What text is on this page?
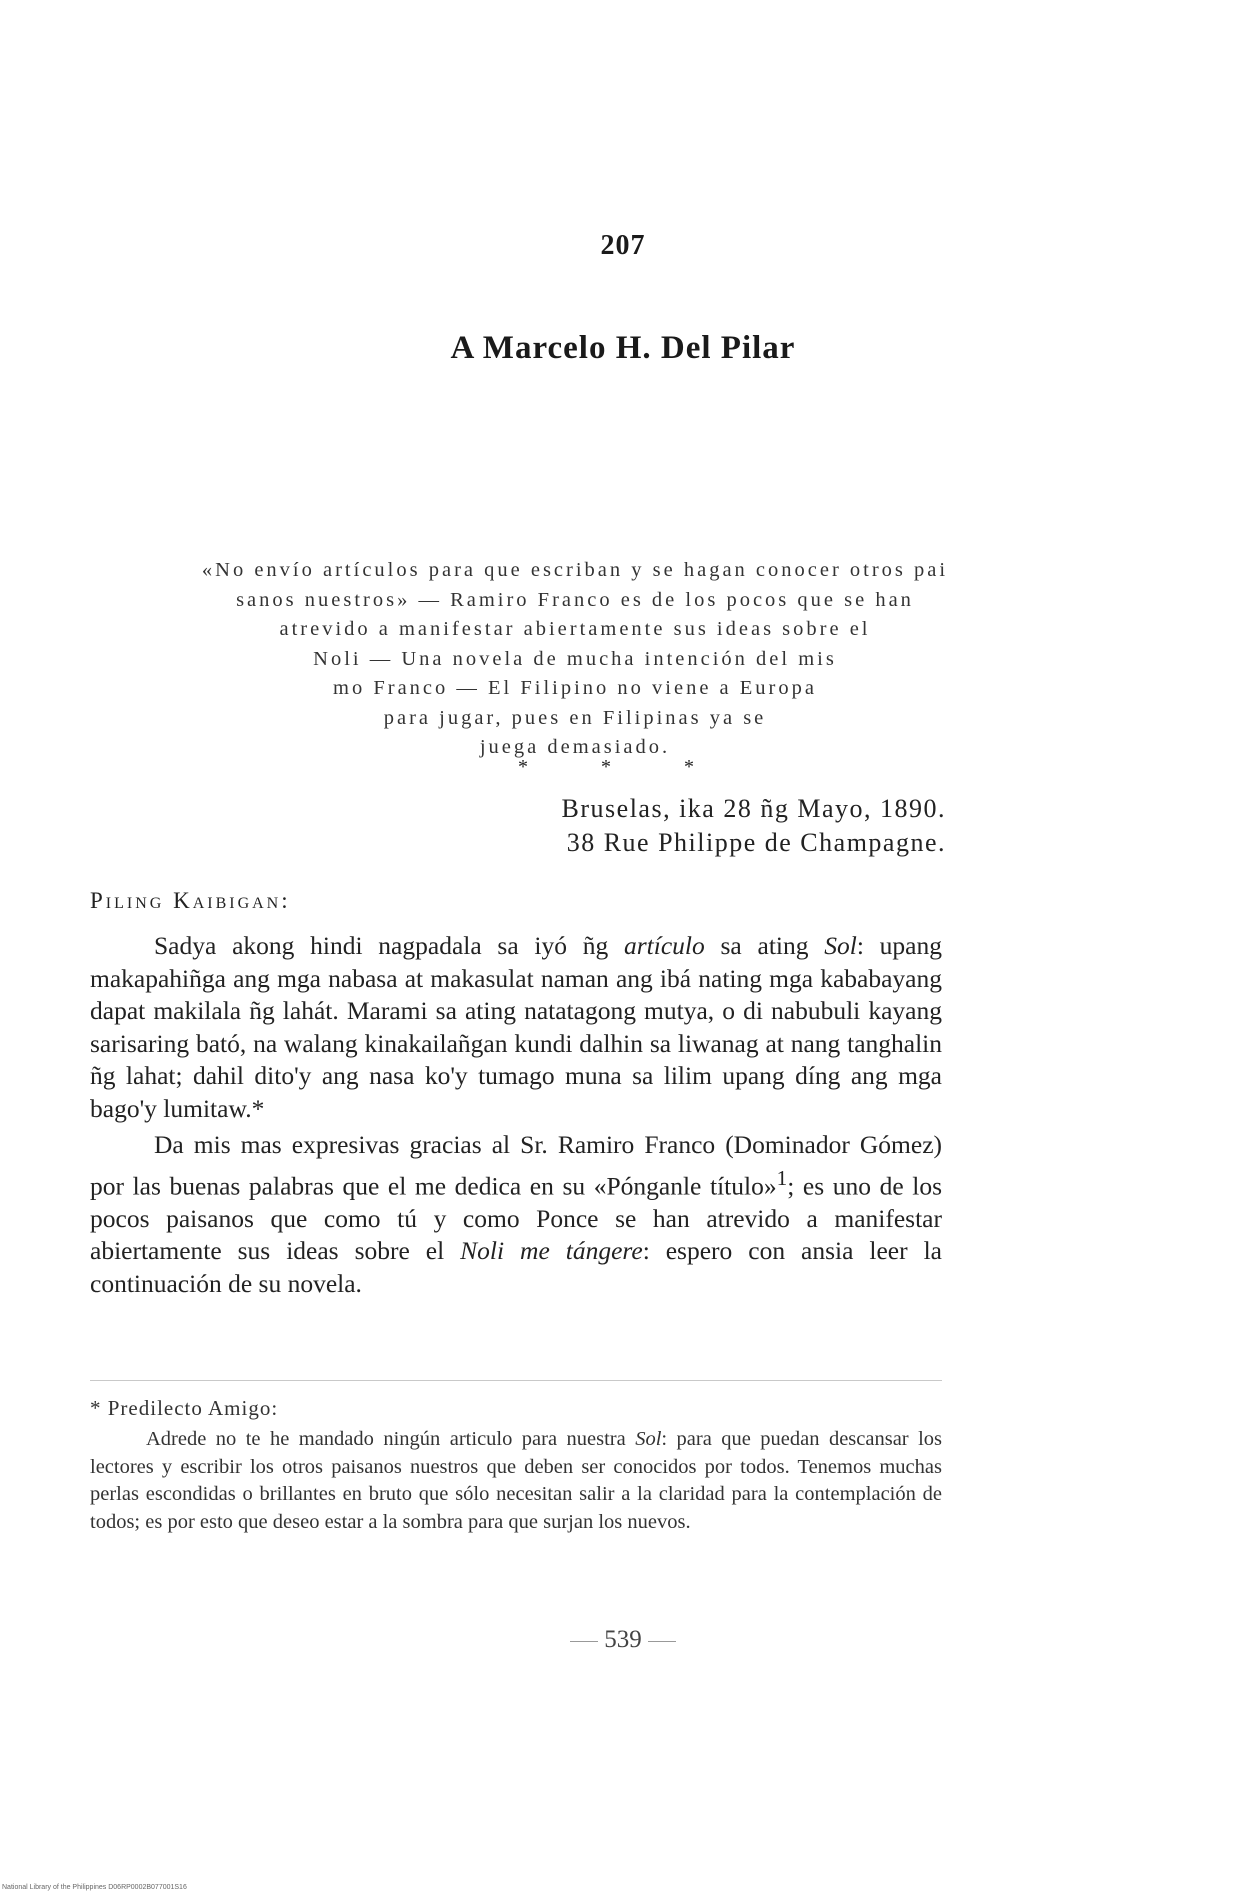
207
A Marcelo H. Del Pilar
«No envío artículos para que escriban y se hagan conocer otros pai
sanos nuestros» — Ramiro Franco es de los pocos que se han
atrevido a manifestar abiertamente sus ideas sobre el
Noli — Una novela de mucha intención del mis
mo Franco — El Filipino no viene a Europa
para jugar, pues en Filipinas ya se
juega demasiado.
* * *
Bruselas, ika 28 ñg Mayo, 1890.
38 Rue Philippe de Champagne.
Piling Kaibigan:

Sadya akong hindi nagpadala sa iyó ñg artículo sa ating Sol: upang makapahiñga ang mga nabasa at makasulat naman ang ibá nating mga kababayang dapat makilala ñg lahát. Marami sa ating natatagong mutya, o di nabubuli kayang sarisaring bató, na walang kinakailañgan kundi dalhin sa liwanag at nang tanghalin ñg lahat; dahil dito'y ang nasa ko'y tumago muna sa lilim upang díng ang mga bago'y lumitaw.*

Da mis mas expresivas gracias al Sr. Ramiro Franco (Dominador Gómez) por las buenas palabras que el me dedica en su «Pónganle título»$^1$; es uno de los pocos paisanos que como tú y como Ponce se han atrevido a manifestar abiertamente sus ideas sobre el Noli me tángere: espero con ansia leer la continuación de su novela.

* Predilecto Amigo:

Adrede no te he mandado ningún articulo para nuestra Sol: para que puedan descansar los lectores y escribir los otros paisanos nuestros que deben ser conocidos por todos. Tenemos muchas perlas escondidas o brillantes en bruto que sólo necesitan salir a la claridad para la contemplación de todos; es por esto que deseo estar a la sombra para que surjan los nuevos.

539
National Library of the Philippines D06RP0002B077001S16
